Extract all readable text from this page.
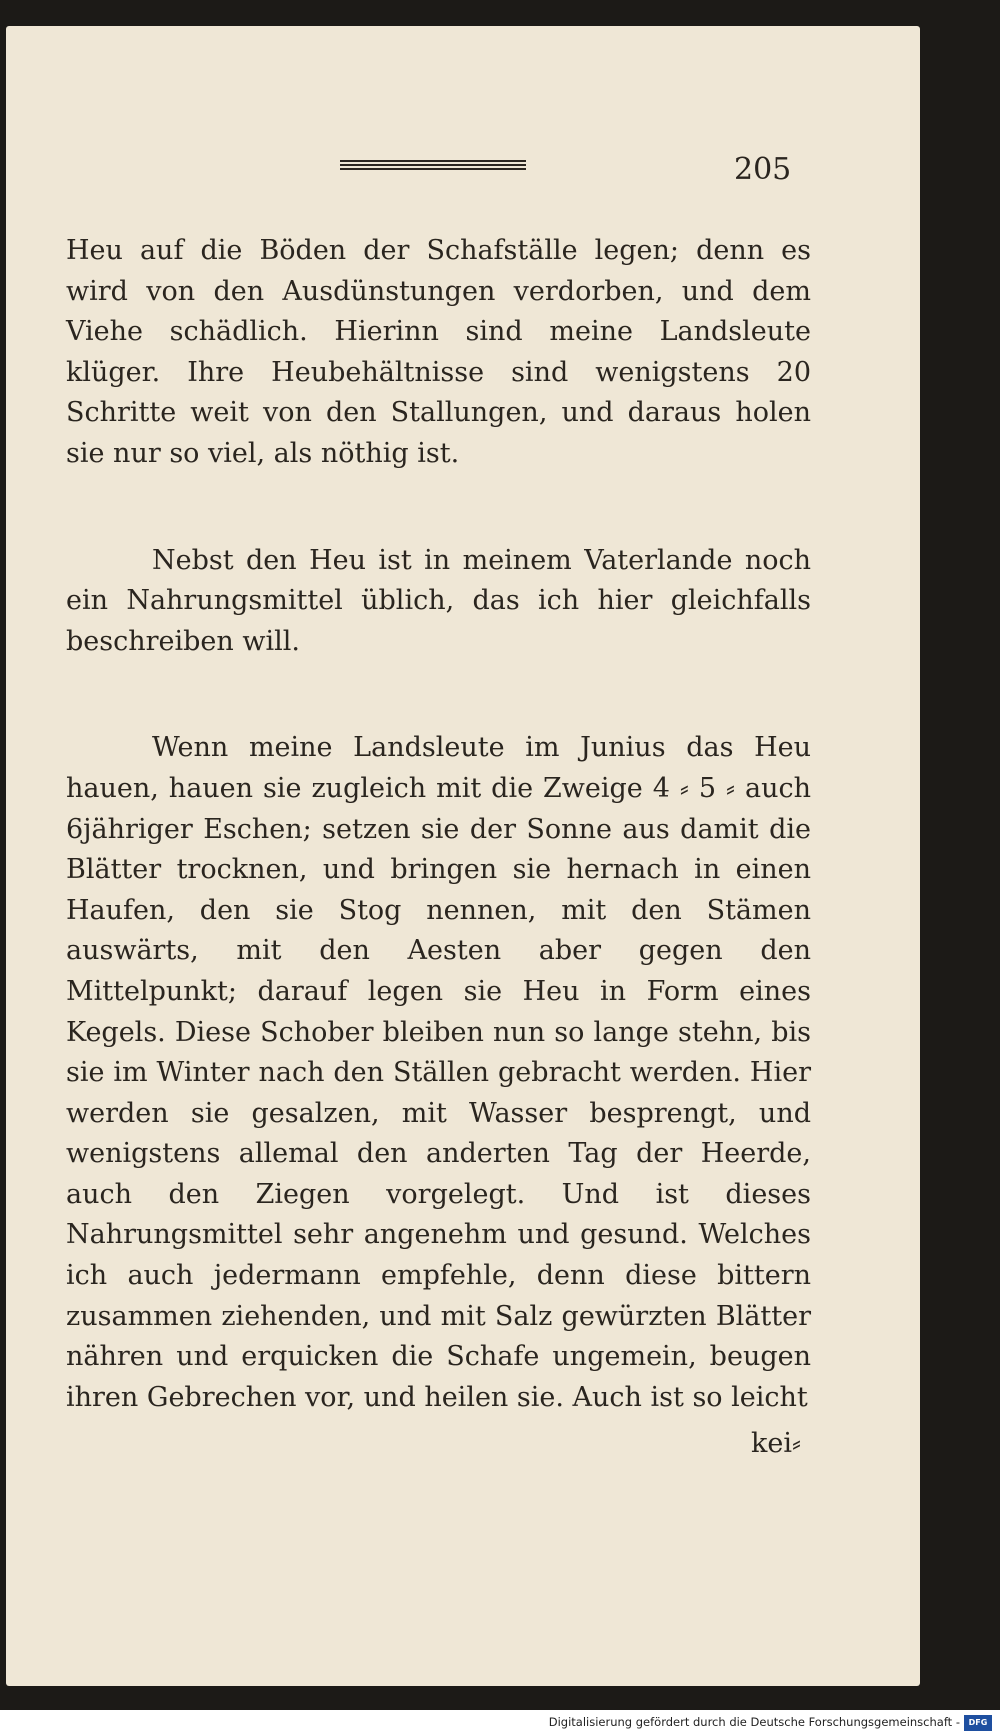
205

Heu auf die Böden der Schafställe legen; denn es wird von den Ausdünstungen verdorben, und dem Viehe schädlich. Hierinn sind meine Landsleute klüger. Ihre Heubehältnisse sind wenigstens 20 Schritte weit von den Stallungen, und daraus holen sie nur so viel, als nöthig ist.

Nebst den Heu ist in meinem Vaterlande noch ein Nahrungsmittel üblich, das ich hier gleichfalls beschreiben will.

Wenn meine Landsleute im Junius das Heu hauen, hauen sie zugleich mit die Zweige 4 ⸗ 5 ⸗ auch 6jähriger Eschen; setzen sie der Sonne aus damit die Blätter trocknen, und bringen sie hernach in einen Haufen, den sie Stog nennen, mit den Stämen auswärts, mit den Aesten aber gegen den Mittelpunkt; darauf legen sie Heu in Form eines Kegels. Diese Schober bleiben nun so lange stehn, bis sie im Winter nach den Ställen gebracht werden. Hier werden sie gesalzen, mit Wasser besprengt, und wenigstens allemal den anderten Tag der Heerde, auch den Ziegen vorgelegt. Und ist dieses Nahrungsmittel sehr angenehm und gesund. Welches ich auch jedermann empfehle, denn diese bittern zusammen ziehenden, und mit Salz gewürzten Blätter nähren und erquicken die Schafe ungemein, beugen ihren Gebrechen vor, und heilen sie. Auch ist so leicht

kei⸗
Digitalisierung gefördert durch die Deutsche Forschungsgemeinschaft -	DFG
